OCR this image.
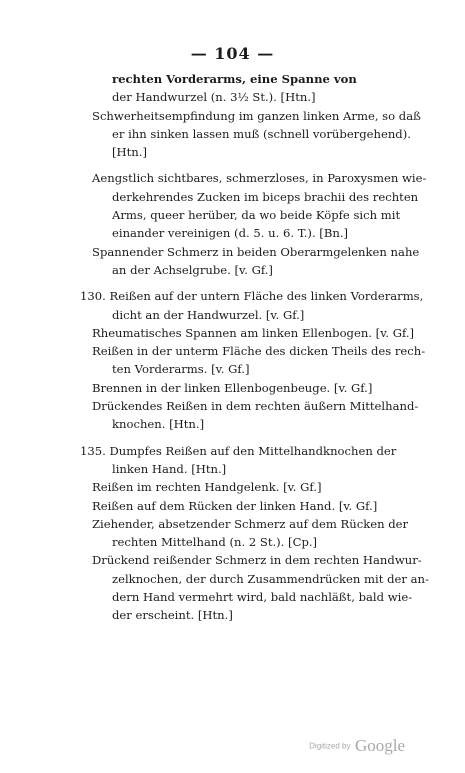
— 104 —
rechten Vorderarms, eine Spanne von
der Handwurzel (n. 3½ St.). [Htn.]
Schwerheitsempfindung im ganzen linken Arme, so daß
er ihn sinken lassen muß (schnell vorübergehend).
[Htn.]
Aengstlich sichtbares, schmerzloses, in Paroxysmen wie-
derkehrendes Zucken im biceps brachii des rechten
Arms, queer herüber, da wo beide Köpfe sich mit
einander vereinigen (d. 5. u. 6. T.). [Bn.]
Spannender Schmerz in beiden Oberarmgelenken nahe
an der Achselgrube. [v. Gf.]
130. Reißen auf der untern Fläche des linken Vorderarms,
dicht an der Handwurzel. [v. Gf.]
Rheumatisches Spannen am linken Ellenbogen. [v. Gf.]
Reißen in der unterm Fläche des dicken Theils des rech-
ten Vorderarms. [v. Gf.]
Brennen in der linken Ellenbogenbeuge. [v. Gf.]
Drückendes Reißen in dem rechten äußern Mittelhand-
knochen. [Htn.]
135. Dumpfes Reißen auf den Mittelhandknochen der
linken Hand. [Htn.]
Reißen im rechten Handgelenk. [v. Gf.]
Reißen auf dem Rücken der linken Hand. [v. Gf.]
Ziehender, absetzender Schmerz auf dem Rücken der
rechten Mittelhand (n. 2 St.). [Cp.]
Drückend reißender Schmerz in dem rechten Handwur-
zelknochen, der durch Zusammendrücken mit der an-
dern Hand vermehrt wird, bald nachläßt, bald wie-
der erscheint. [Htn.]
Digitized by Google
